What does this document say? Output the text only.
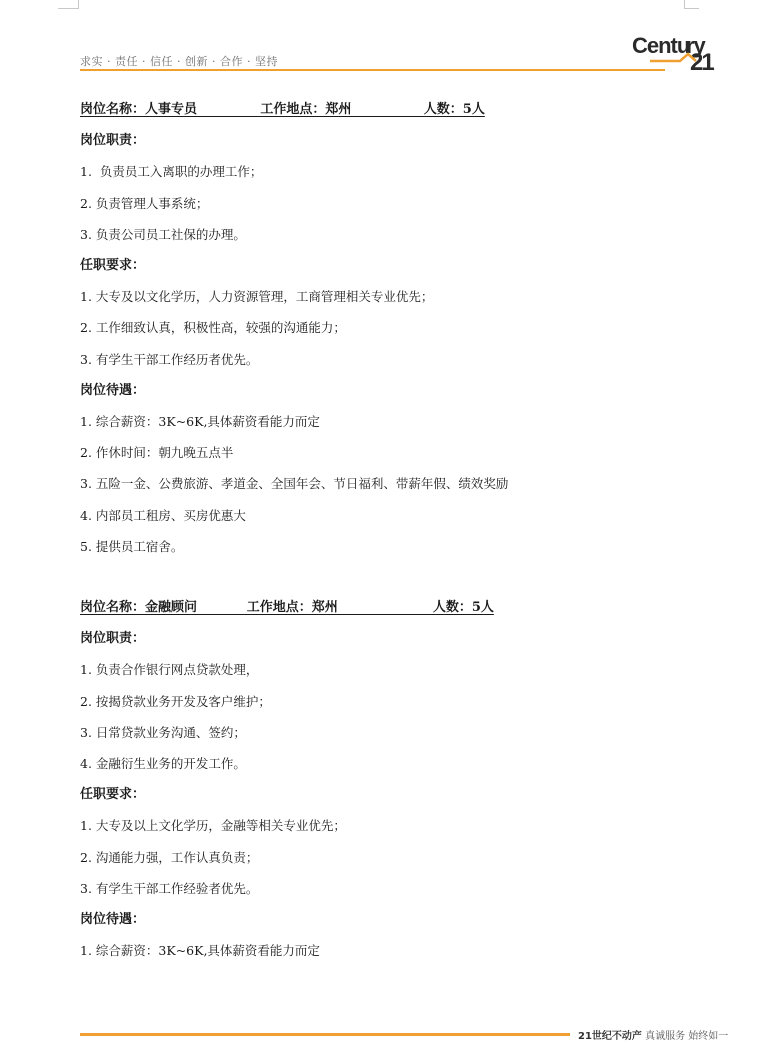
求实 · 责任 · 信任 · 创新 · 合作 · 坚持
Centu
ry
21
岗位名称：人事专员              工作地点：郑州                人数：5人
岗位职责：
1.  负责员工入离职的办理工作；
2. 负责管理人事系统；
3. 负责公司员工社保的办理。
任职要求：
1. 大专及以文化学历，人力资源管理，工商管理相关专业优先；
2. 工作细致认真，积极性高，较强的沟通能力；
3. 有学生干部工作经历者优先。
岗位待遇：
1. 综合薪资：3K~6K,具体薪资看能力而定
2. 作休时间：朝九晚五点半
3. 五险一金、公费旅游、孝道金、全国年会、节日福利、带薪年假、绩效奖励
4. 内部员工租房、买房优惠大
5. 提供员工宿舍。
岗位名称：金融顾问           工作地点：郑州                     人数：5人
岗位职责：
1. 负责合作银行网点贷款处理，
2. 按揭贷款业务开发及客户维护；
3. 日常贷款业务沟通、签约；
4. 金融衍生业务的开发工作。
任职要求：
1. 大专及以上文化学历，金融等相关专业优先；
2. 沟通能力强，工作认真负责；
3. 有学生干部工作经验者优先。
岗位待遇：
1. 综合薪资：3K~6K,具体薪资看能力而定
21世纪不动产 真诚服务 始终如一
